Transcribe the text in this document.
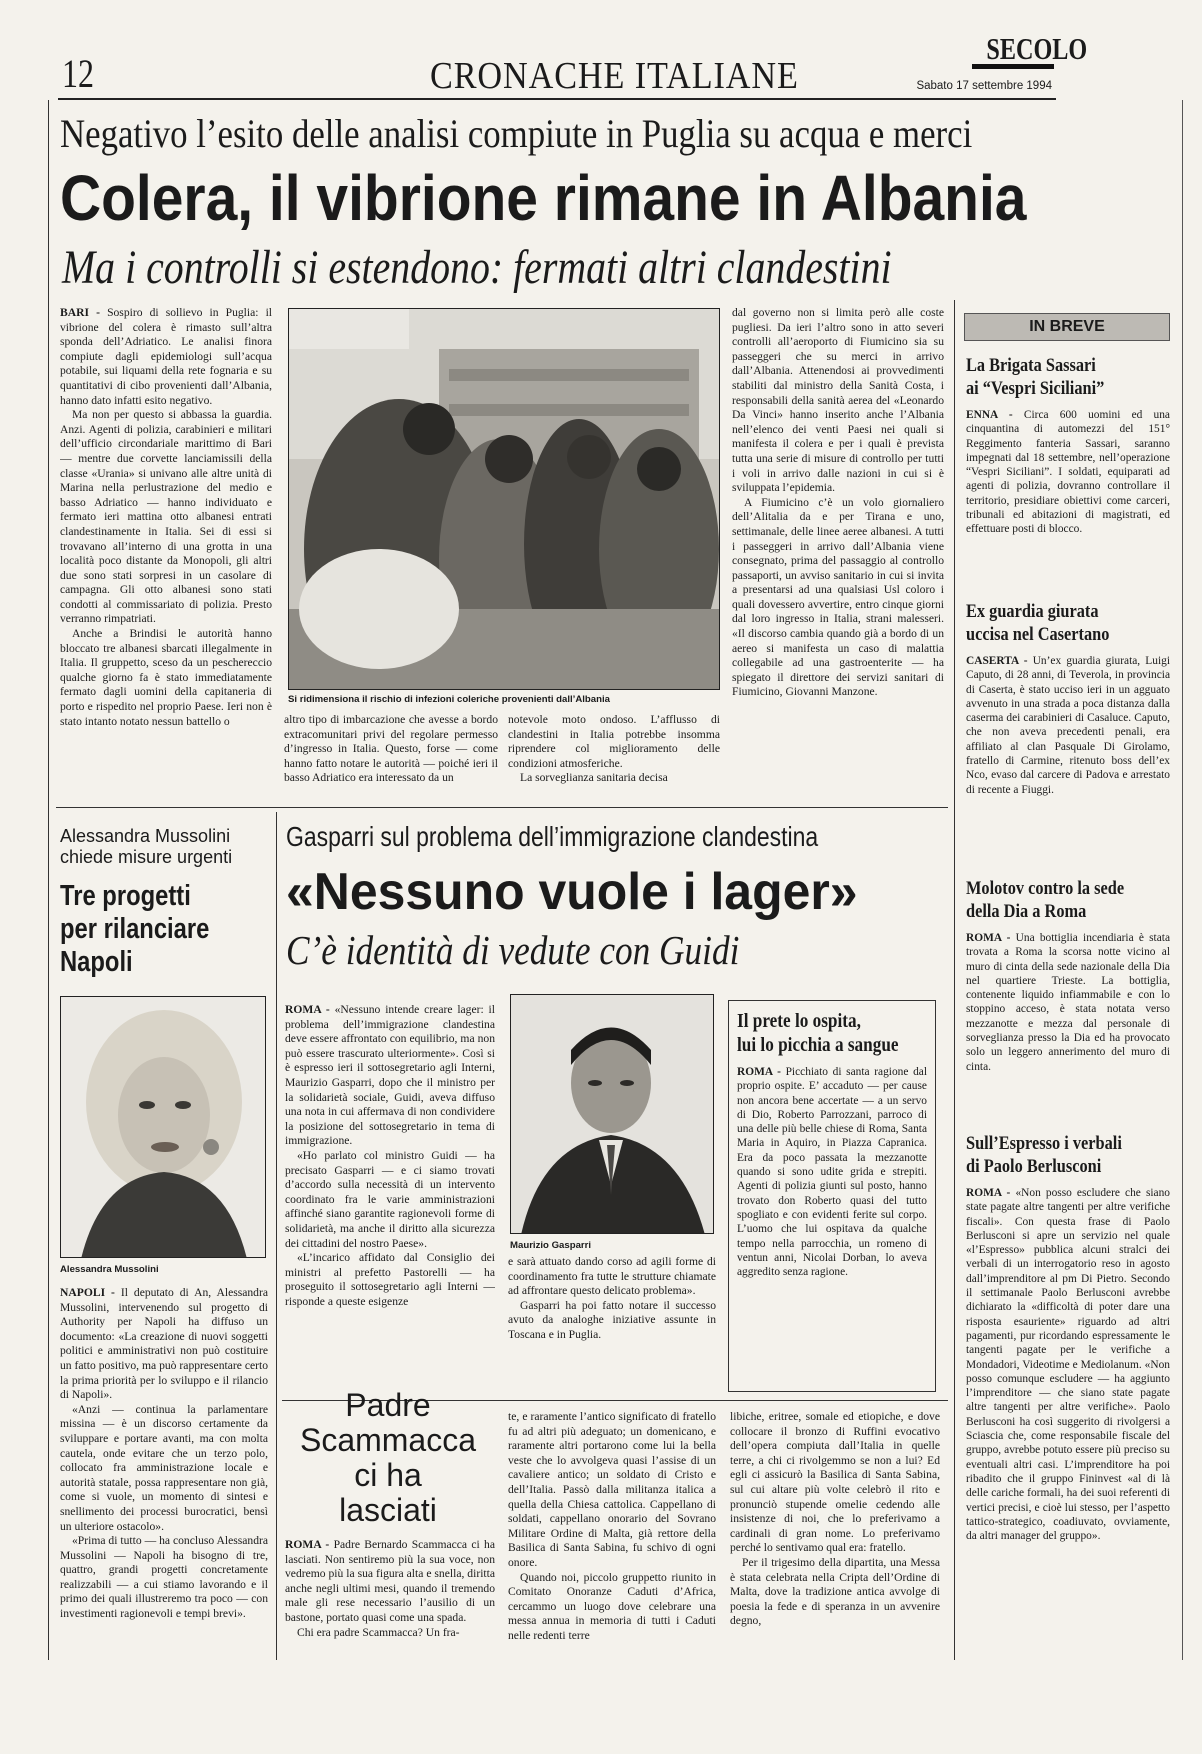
12	CRONACHE ITALIANE
SECOLO
Sabato 17 settembre 1994
Negativo l’esito delle analisi compiute in Puglia su acqua e merci
Colera, il vibrione rimane in Albania
Ma i controlli si estendono: fermati altri clandestini

BARI - Sospiro di sollievo in Puglia: il vibrione del colera è rimasto sull’altra sponda dell’Adriatico. Le analisi finora compiute dagli epidemiologi sull’acqua potabile, sui liquami della rete fognaria e su quantitativi di cibo provenienti dall’Albania, hanno dato infatti esito negativo.

Ma non per questo si abbassa la guardia. Anzi. Agenti di polizia, carabinieri e militari dell’ufficio circondariale marittimo di Bari — mentre due corvette lanciamissili della classe «Urania» si univano alle altre unità di Marina nella perlustrazione del medio e basso Adriatico — hanno individuato e fermato ieri mattina otto albanesi entrati clandestinamente in Italia. Sei di essi si trovavano all’interno di una grotta in una località poco distante da Monopoli, gli altri due sono stati sorpresi in un casolare di campagna. Gli otto albanesi sono stati condotti al commissariato di polizia. Presto verranno rimpatriati.

Anche a Brindisi le autorità hanno bloccato tre albanesi sbarcati illegalmente in Italia. Il gruppetto, sceso da un peschereccio qualche giorno fa è stato immediatamente fermato dagli uomini della capitaneria di porto e rispedito nel proprio Paese. Ieri non è stato intanto notato nessun battello o

Si ridimensiona il rischio di infezioni coleriche provenienti dall’Albania

altro tipo di imbarcazione che avesse a bordo extracomunitari privi del regolare permesso d’ingresso in Italia. Questo, forse — come hanno fatto notare le autorità — poiché ieri il basso Adriatico era interessato da un

notevole moto ondoso. L’afflusso di clandestini in Italia potrebbe insomma riprendere col miglioramento delle condizioni atmosferiche.

La sorveglianza sanitaria decisa

dal governo non si limita però alle coste pugliesi. Da ieri l’altro sono in atto severi controlli all’aeroporto di Fiumicino sia su passeggeri che su merci in arrivo dall’Albania. Attenendosi ai provvedimenti stabiliti dal ministro della Sanità Costa, i responsabili della sanità aerea del «Leonardo Da Vinci» hanno inserito anche l’Albania nell’elenco dei venti Paesi nei quali si manifesta il colera e per i quali è prevista tutta una serie di misure di controllo per tutti i voli in arrivo dalle nazioni in cui si è sviluppata l’epidemia.

A Fiumicino c’è un volo giornaliero dell’Alitalia da e per Tirana e uno, settimanale, delle linee aeree albanesi. A tutti i passeggeri in arrivo dall’Albania viene consegnato, prima del passaggio al controllo passaporti, un avviso sanitario in cui si invita a presentarsi ad una qualsiasi Usl coloro i quali dovessero avvertire, entro cinque giorni dal loro ingresso in Italia, strani malesseri. «Il discorso cambia quando già a bordo di un aereo si manifesta un caso di malattia collegabile ad una gastroenterite — ha spiegato il direttore dei servizi sanitari di Fiumicino, Giovanni Manzone.

IN BREVE
La Brigata Sassari
ai “Vespri Siciliani”

ENNA - Circa 600 uomini ed una cinquantina di automezzi del 151° Reggimento fanteria Sassari, saranno impegnati dal 18 settembre, nell’operazione “Vespri Siciliani”. I soldati, equiparati ad agenti di polizia, dovranno controllare il territorio, presidiare obiettivi come carceri, tribunali ed abitazioni di magistrati, ed effettuare posti di blocco.

Ex guardia giurata
uccisa nel Casertano

CASERTA - Un’ex guardia giurata, Luigi Caputo, di 28 anni, di Teverola, in provincia di Caserta, è stato ucciso ieri in un agguato avvenuto in una strada a poca distanza dalla caserma dei carabinieri di Casaluce. Caputo, che non aveva precedenti penali, era affiliato al clan Pasquale Di Girolamo, fratello di Carmine, ritenuto boss dell’ex Nco, evaso dal carcere di Padova e arrestato di recente a Fiuggi.

Molotov contro la sede
della Dia a Roma

ROMA - Una bottiglia incendiaria è stata trovata a Roma la scorsa notte vicino al muro di cinta della sede nazionale della Dia nel quartiere Trieste. La bottiglia, contenente liquido infiammabile e con lo stoppino acceso, è stata notata verso mezzanotte e mezza dal personale di sorveglianza presso la Dia ed ha provocato solo un leggero annerimento del muro di cinta.

Sull’Espresso i verbali
di Paolo Berlusconi

ROMA - «Non posso escludere che siano state pagate altre tangenti per altre verifiche fiscali». Con questa frase di Paolo Berlusconi si apre un servizio nel quale «l’Espresso» pubblica alcuni stralci dei verbali di un interrogatorio reso in agosto dall’imprenditore al pm Di Pietro. Secondo il settimanale Paolo Berlusconi avrebbe dichiarato la «difficoltà di poter dare una risposta esauriente» riguardo ad altri pagamenti, pur ricordando espressamente le tangenti pagate per le verifiche a Mondadori, Videotime e Mediolanum. «Non posso comunque escludere — ha aggiunto l’imprenditore — che siano state pagate altre tangenti per altre verifiche». Paolo Berlusconi ha così suggerito di rivolgersi a Sciascia che, come responsabile fiscale del gruppo, avrebbe potuto essere più preciso su eventuali altri casi. L’imprenditore ha poi ribadito che il gruppo Fininvest «al di là delle cariche formali, ha dei suoi referenti di vertici precisi, e cioè lui stesso, per l’aspetto tattico-strategico, coadiuvato, ovviamente, da altri manager del gruppo».

Alessandra Mussolini
chiede misure urgenti
Tre progetti
per rilanciare
Napoli
Alessandra Mussolini

NAPOLI - Il deputato di An, Alessandra Mussolini, intervenendo sul progetto di Authority per Napoli ha diffuso un documento: «La creazione di nuovi soggetti politici e amministrativi non può costituire un fatto positivo, ma può rappresentare certo la prima priorità per lo sviluppo e il rilancio di Napoli».

«Anzi — continua la parlamentare missina — è un discorso certamente da sviluppare e portare avanti, ma con molta cautela, onde evitare che un terzo polo, collocato fra amministrazione locale e autorità statale, possa rappresentare non già, come si vuole, un momento di sintesi e snellimento dei processi burocratici, bensì un ulteriore ostacolo».

«Prima di tutto — ha concluso Alessandra Mussolini — Napoli ha bisogno di tre, quattro, grandi progetti concretamente realizzabili — a cui stiamo lavorando e il primo dei quali illustreremo tra poco — con investimenti ragionevoli e tempi brevi».

Gasparri sul problema dell’immigrazione clandestina
«Nessuno vuole i lager»
C’è identità di vedute con Guidi

ROMA - «Nessuno intende creare lager: il problema dell’immigrazione clandestina deve essere affrontato con equilibrio, ma non può essere trascurato ulteriormente». Così si è espresso ieri il sottosegretario agli Interni, Maurizio Gasparri, dopo che il ministro per la solidarietà sociale, Guidi, aveva diffuso una nota in cui affermava di non condividere la posizione del sottosegretario in tema di immigrazione.

«Ho parlato col ministro Guidi — ha precisato Gasparri — e ci siamo trovati d’accordo sulla necessità di un intervento coordinato fra le varie amministrazioni affinché siano garantite ragionevoli forme di solidarietà, ma anche il diritto alla sicurezza dei cittadini del nostro Paese».

«L’incarico affidato dal Consiglio dei ministri al prefetto Pastorelli — ha proseguito il sottosegretario agli Interni — risponde a queste esigenze

Maurizio Gasparri

e sarà attuato dando corso ad agili forme di coordinamento fra tutte le strutture chiamate ad affrontare questo delicato problema».

Gasparri ha poi fatto notare il successo avuto da analoghe iniziative assunte in Toscana e in Puglia.

Il prete lo ospita,
lui lo picchia a sangue

ROMA - Picchiato di santa ragione dal proprio ospite. E’ accaduto — per cause non ancora bene accertate — a un servo di Dio, Roberto Parrozzani, parroco di una delle più belle chiese di Roma, Santa Maria in Aquiro, in Piazza Capranica. Era da poco passata la mezzanotte quando si sono udite grida e strepiti. Agenti di polizia giunti sul posto, hanno trovato don Roberto quasi del tutto spogliato e con evidenti ferite sul corpo. L’uomo che lui ospitava da qualche tempo nella parrocchia, un romeno di ventun anni, Nicolai Dorban, lo aveva aggredito senza ragione.

Padre
Scammacca
ci ha
lasciati

ROMA - Padre Bernardo Scammacca ci ha lasciati. Non sentiremo più la sua voce, non vedremo più la sua figura alta e snella, diritta anche negli ultimi mesi, quando il tremendo male gli rese necessario l’ausilio di un bastone, portato quasi come una spada.

Chi era padre Scammacca? Un fra-

te, e raramente l’antico significato di fratello fu ad altri più adeguato; un domenicano, e raramente altri portarono come lui la bella veste che lo avvolgeva quasi l’assise di un cavaliere antico; un soldato di Cristo e dell’Italia. Passò dalla militanza italica a quella della Chiesa cattolica. Cappellano di soldati, cappellano onorario del Sovrano Militare Ordine di Malta, già rettore della Basilica di Santa Sabina, fu schivo di ogni onore.

Quando noi, piccolo gruppetto riunito in Comitato Onoranze Caduti d’Africa, cercammo un luogo dove celebrare una messa annua in memoria di tutti i Caduti nelle redenti terre

libiche, eritree, somale ed etiopiche, e dove collocare il bronzo di Ruffini evocativo dell’opera compiuta dall’Italia in quelle terre, a chi ci rivolgemmo se non a lui? Ed egli ci assicurò la Basilica di Santa Sabina, sul cui altare più volte celebrò il rito e pronunciò stupende omelie cedendo alle insistenze di noi, che lo preferivamo a cardinali di gran nome. Lo preferivamo perché lo sentivamo qual era: fratello.

Per il trigesimo della dipartita, una Messa è stata celebrata nella Cripta dell’Ordine di Malta, dove la tradizione antica avvolge di poesia la fede e di speranza in un avvenire degno,
